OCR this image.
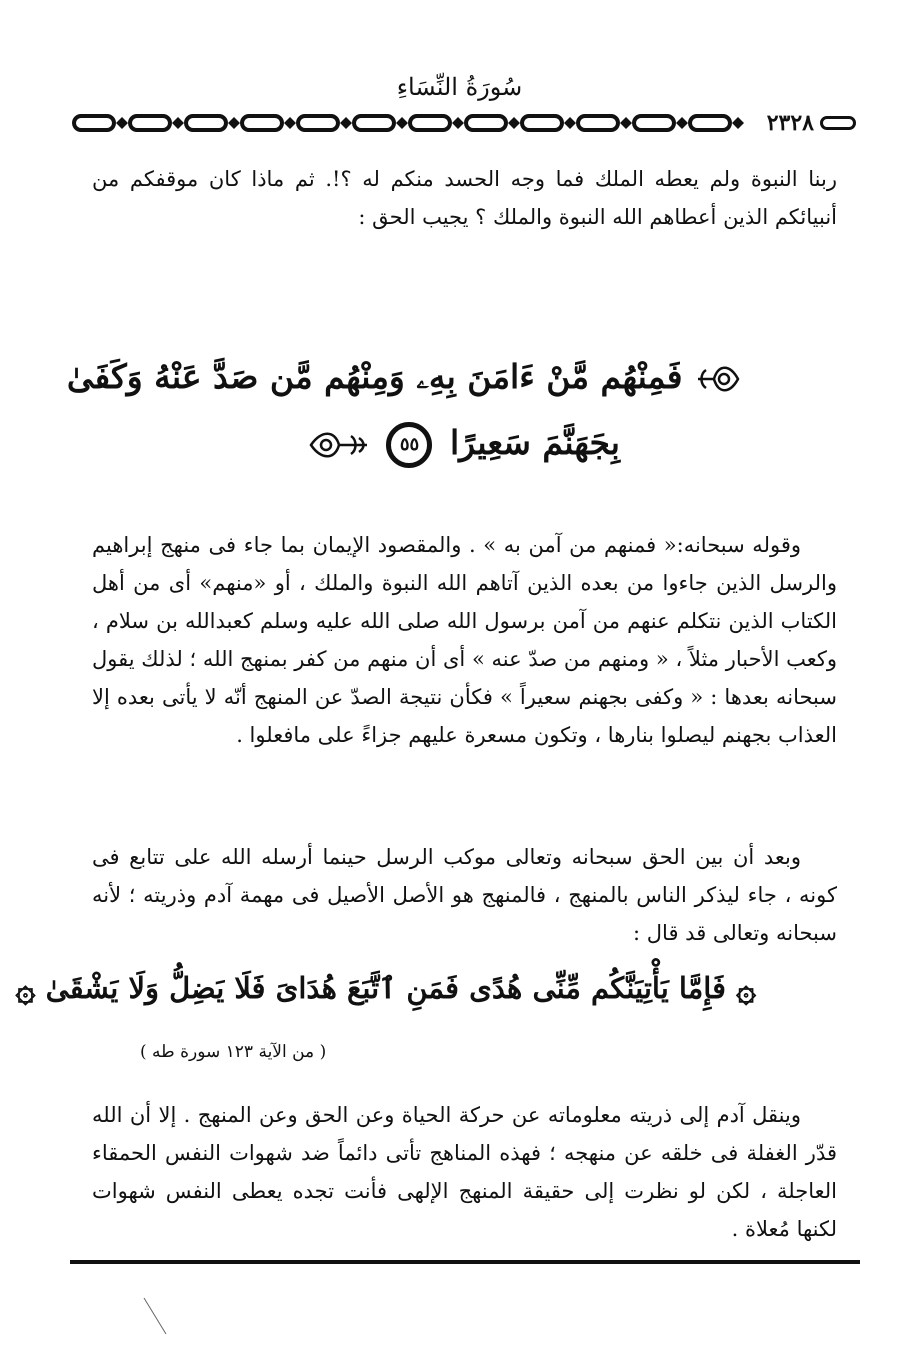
سُورَةُ النِّسَاءِ
٢٣٢٨

ربنا النبوة ولم يعطه الملك فما وجه الحسد منكم له ؟!. ثم ماذا كان موقفكم من أنبيائكم الذين أعطاهم الله النبوة والملك ؟ يجيب الحق :

فَمِنْهُم مَّنْ ءَامَنَ بِهِۦ وَمِنْهُم مَّن صَدَّ عَنْهُ وَكَفَىٰ
بِجَهَنَّمَ سَعِيرًا ٥٥

وقوله سبحانه:« فمنهم من آمن به » . والمقصود الإيمان بما جاء فى منهج إبراهيم والرسل الذين جاءوا من بعده الذين آتاهم الله النبوة والملك ، أو «منهم» أى من أهل الكتاب الذين نتكلم عنهم من آمن برسول الله صلى الله عليه وسلم كعبدالله بن سلام ، وكعب الأحبار مثلاً ، « ومنهم من صدّ عنه » أى أن منهم من كفر بمنهج الله ؛ لذلك يقول سبحانه بعدها : « وكفى بجهنم سعيراً » فكأن نتيجة الصدّ عن المنهج أنّه لا يأتى بعده إلا العذاب بجهنم ليصلوا بنارها ، وتكون مسعرة عليهم جزاءً على مافعلوا .

وبعد أن بين الحق سبحانه وتعالى موكب الرسل حينما أرسله الله على تتابع فى كونه ، جاء ليذكر الناس بالمنهج ، فالمنهج هو الأصل الأصيل فى مهمة آدم وذريته ؛ لأنه سبحانه وتعالى قد قال :

۞ فَإِمَّا يَأْتِيَنَّكُم مِّنِّى هُدًى فَمَنِ ٱتَّبَعَ هُدَاىَ فَلَا يَضِلُّ وَلَا يَشْقَىٰ ۞
( من الآية ١٢٣ سورة طه )

وينقل آدم إلى ذريته معلوماته عن حركة الحياة وعن الحق وعن المنهج . إلا أن الله قدّر الغفلة فى خلقه عن منهجه ؛ فهذه المناهج تأتى دائماً ضد شهوات النفس الحمقاء العاجلة ، لكن لو نظرت إلى حقيقة المنهج الإلهى فأنت تجده يعطى النفس شهوات لكنها مُعلاة .
